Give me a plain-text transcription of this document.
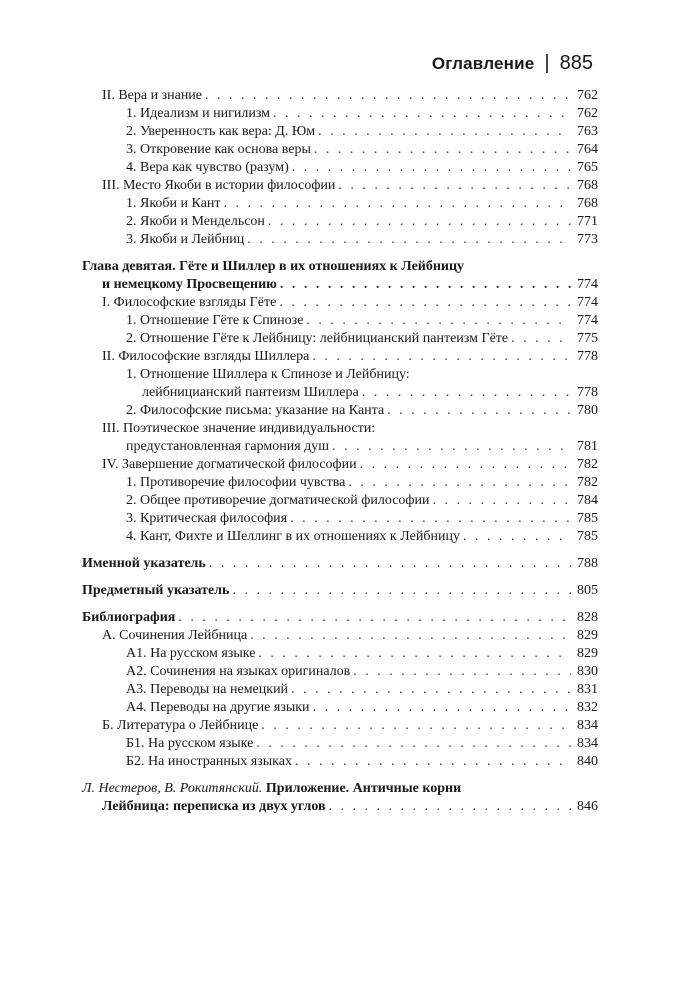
Оглавление | 885
II. Вера и знание . . .	762
1. Идеализм и нигилизм . . .	762
2. Уверенность как вера: Д. Юм . . .	763
3. Откровение как основа веры . . .	764
4. Вера как чувство (разум) . . .	765
III. Место Якоби в истории философии . . .	768
1. Якоби и Кант . . .	768
2. Якоби и Мендельсон . . .	771
3. Якоби и Лейбниц . . .	773
Глава девятая. Гёте и Шиллер в их отношениях к Лейбницу
и немецкому Просвещению . . .	774
I. Философские взгляды Гёте . . .	774
1. Отношение Гёте к Спинозе . . .	774
2. Отношение Гёте к Лейбницу: лейбницианский пантеизм Гёте . . .	775
II. Философские взгляды Шиллера . . .	778
1. Отношение Шиллера к Спинозе и Лейбницу:
лейбницианский пантеизм Шиллера . . .	778
2. Философские письма: указание на Канта . . .	780
III. Поэтическое значение индивидуальности:
предустановленная гармония душ . . .	781
IV. Завершение догматической философии . . .	782
1. Противоречие философии чувства . . .	782
2. Общее противоречие догматической философии . . .	784
3. Критическая философия . . .	785
4. Кант, Фихте и Шеллинг в их отношениях к Лейбницу . . .	785
Именной указатель . . .	788
Предметный указатель . . .	805
Библиография . . .	828
А. Сочинения Лейбница . . .	829
А1. На русском языке . . .	829
А2. Сочинения на языках оригиналов . . .	830
А3. Переводы на немецкий . . .	831
А4. Переводы на другие языки . . .	832
Б. Литература о Лейбнице . . .	834
Б1. На русском языке . . .	834
Б2. На иностранных языках . . .	840
Л. Нестеров, В. Рокитянский. Приложение. Античные корни
Лейбница: переписка из двух углов . . .	846
